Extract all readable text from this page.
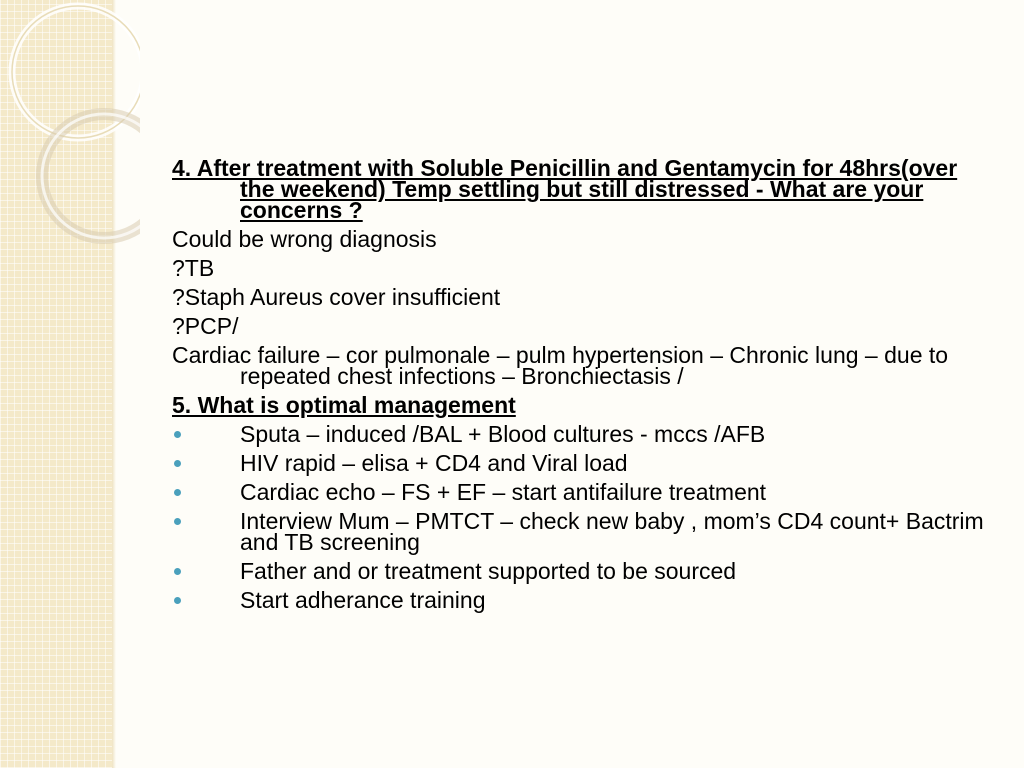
4. After treatment with Soluble Penicillin and Gentamycin for 48hrs(over the weekend) Temp settling but still distressed - What are your concerns ?

Could be wrong diagnosis

?TB

?Staph Aureus cover insufficient

?PCP/

Cardiac failure – cor pulmonale – pulm hypertension – Chronic lung – due to repeated chest infections – Bronchiectasis /

5. What is optimal management

Sputa – induced /BAL + Blood cultures - mccs /AFB
HIV rapid – elisa + CD4 and Viral load
Cardiac echo – FS + EF – start antifailure treatment
Interview Mum – PMTCT – check new baby , mom’s CD4 count+ Bactrim and TB screening
Father and or treatment supported to be sourced
Start adherance training
